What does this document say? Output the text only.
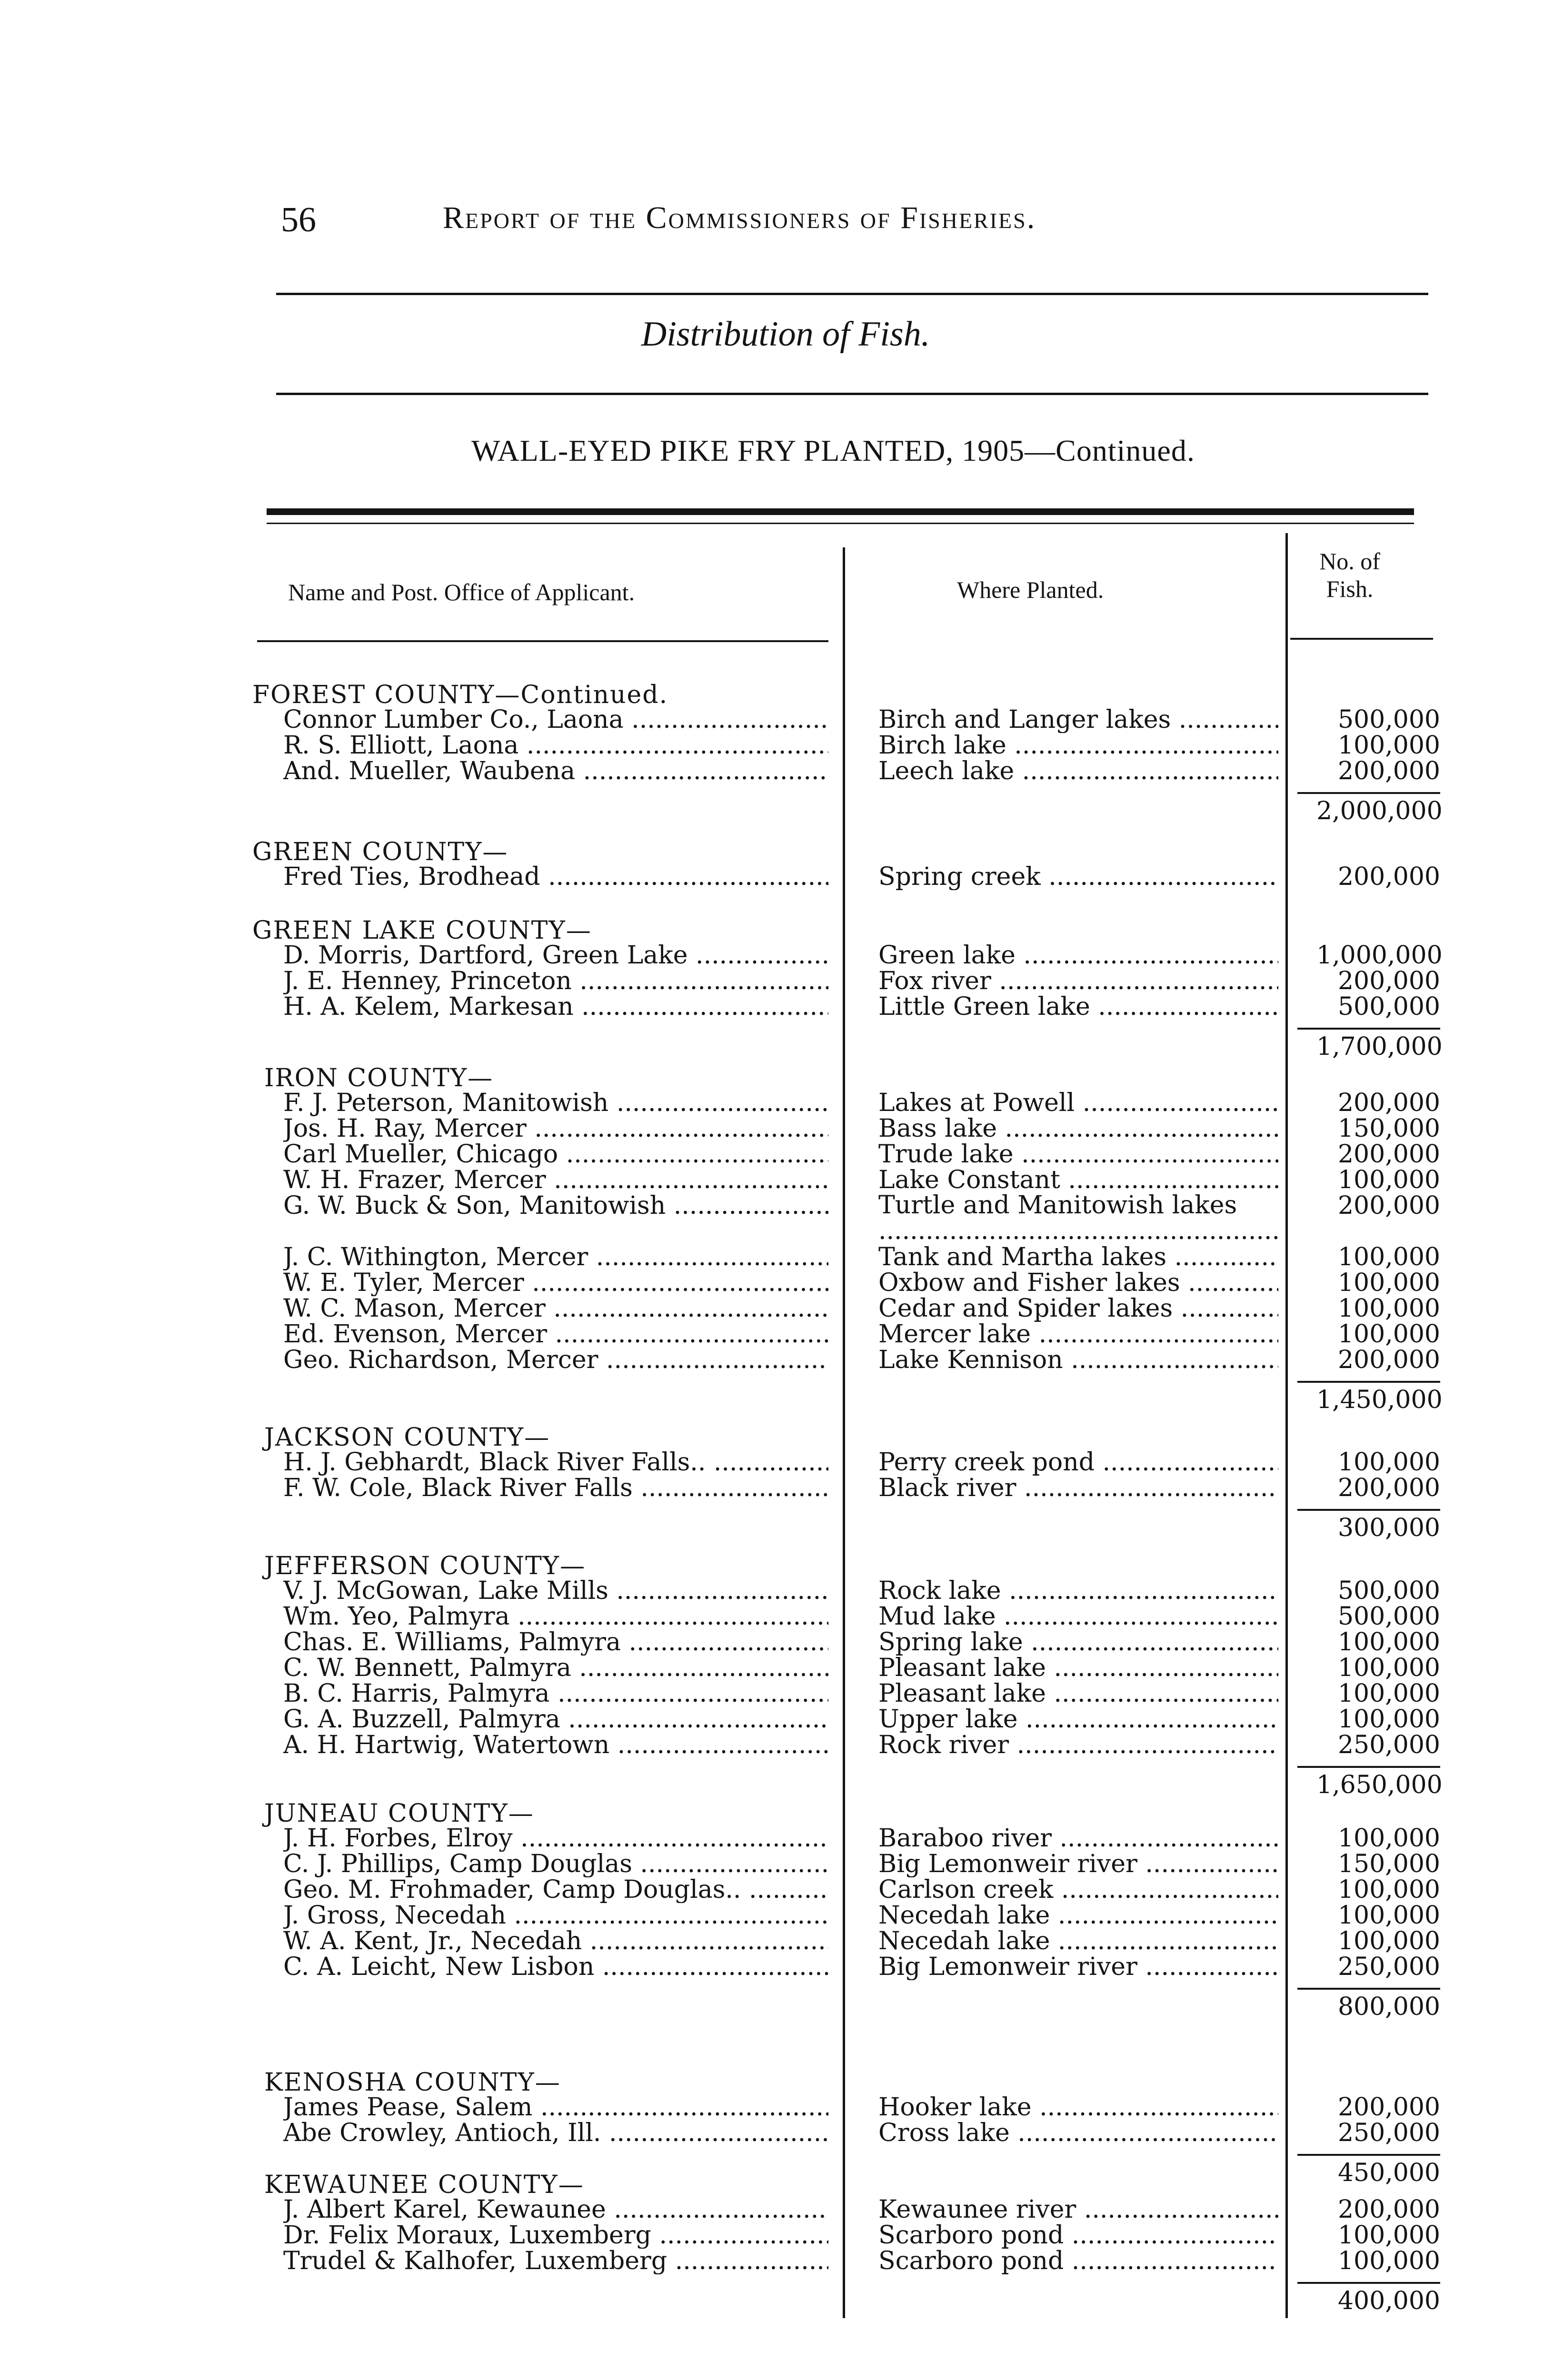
56	Report of the Commissioners of Fisheries.
Distribution of Fish.
WALL-EYED PIKE FRY PLANTED, 1905—Continued.
Name and Post. Office of Applicant.	Where Planted.
No. of Fish.
FOREST COUNTY—Continued.
Connor Lumber Co., Laona .....	Birch and Langer lakes .....	500,000
R. S. Elliott, Laona .....	Birch lake .....	100,000
And. Mueller, Waubena .....	Leech lake .....	200,000
2,000,000
GREEN COUNTY—
Fred Ties, Brodhead .....	Spring creek .....	200,000
GREEN LAKE COUNTY—
D. Morris, Dartford, Green Lake .....	Green lake .....	1,000,000
J. E. Henney, Princeton .....	Fox river .....	200,000
H. A. Kelem, Markesan .....	Little Green lake .....	500,000
1,700,000
IRON COUNTY—
F. J. Peterson, Manitowish .....	Lakes at Powell .....	200,000
Jos. H. Ray, Mercer .....	Bass lake .....	150,000
Carl Mueller, Chicago .....	Trude lake .....	200,000
W. H. Frazer, Mercer .....	Lake Constant .....	100,000
G. W. Buck & Son, Manitowish .....	Turtle and Manitowish lakes .....	200,000
J. C. Withington, Mercer .....	Tank and Martha lakes .....	100,000
W. E. Tyler, Mercer .....	Oxbow and Fisher lakes .....	100,000
W. C. Mason, Mercer .....	Cedar and Spider lakes .....	100,000
Ed. Evenson, Mercer .....	Mercer lake .....	100,000
Geo. Richardson, Mercer .....	Lake Kennison .....	200,000
1,450,000
JACKSON COUNTY—
H. J. Gebhardt, Black River Falls.. .....	Perry creek pond .....	100,000
F. W. Cole, Black River Falls .....	Black river .....	200,000
300,000
JEFFERSON COUNTY—
V. J. McGowan, Lake Mills .....	Rock lake .....	500,000
Wm. Yeo, Palmyra .....	Mud lake .....	500,000
Chas. E. Williams, Palmyra .....	Spring lake .....	100,000
C. W. Bennett, Palmyra .....	Pleasant lake .....	100,000
B. C. Harris, Palmyra .....	Pleasant lake .....	100,000
G. A. Buzzell, Palmyra .....	Upper lake .....	100,000
A. H. Hartwig, Watertown .....	Rock river .....	250,000
1,650,000
JUNEAU COUNTY—
J. H. Forbes, Elroy .....	Baraboo river .....	100,000
C. J. Phillips, Camp Douglas .....	Big Lemonweir river .....	150,000
Geo. M. Frohmader, Camp Douglas.. .....	Carlson creek .....	100,000
J. Gross, Necedah .....	Necedah lake .....	100,000
W. A. Kent, Jr., Necedah .....	Necedah lake .....	100,000
C. A. Leicht, New Lisbon .....	Big Lemonweir river .....	250,000
800,000
KENOSHA COUNTY—
James Pease, Salem .....	Hooker lake .....	200,000
Abe Crowley, Antioch, Ill. .....	Cross lake .....	250,000
450,000
KEWAUNEE COUNTY—
J. Albert Karel, Kewaunee .....	Kewaunee river .....	200,000
Dr. Felix Moraux, Luxemberg .....	Scarboro pond .....	100,000
Trudel & Kalhofer, Luxemberg .....	Scarboro pond .....	100,000
400,000
